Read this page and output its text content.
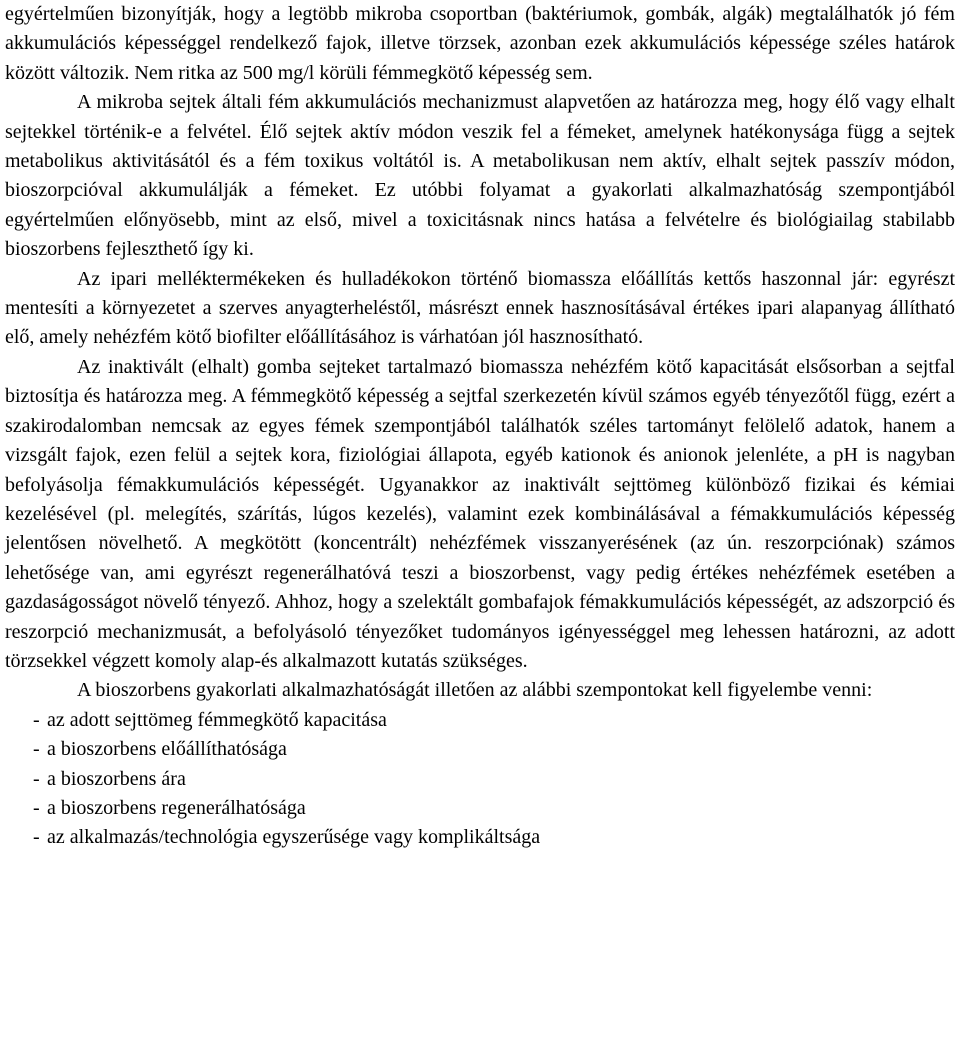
egyértelműen bizonyítják, hogy a legtöbb mikroba csoportban (baktériumok, gombák, algák) megtalálhatók jó fém akkumulációs képességgel rendelkező fajok, illetve törzsek, azonban ezek akkumulációs képessége széles határok között változik. Nem ritka az 500 mg/l körüli fémmegkötő képesség sem.

A mikroba sejtek általi fém akkumulációs mechanizmust alapvetően az határozza meg, hogy élő vagy elhalt sejtekkel történik-e a felvétel. Élő sejtek aktív módon veszik fel a fémeket, amelynek hatékonysága függ a sejtek metabolikus aktivitásától és a fém toxikus voltától is. A metabolikusan nem aktív, elhalt sejtek passzív módon, bioszorpcióval akkumulálják a fémeket. Ez utóbbi folyamat a gyakorlati alkalmazhatóság szempontjából egyértelműen előnyösebb, mint az első, mivel a toxicitásnak nincs hatása a felvételre és biológiailag stabilabb bioszorbens fejleszthető így ki.

Az ipari melléktermékeken és hulladékokon történő biomassza előállítás kettős haszonnal jár: egyrészt mentesíti a környezetet a szerves anyagterheléstől, másrészt ennek hasznosításával értékes ipari alapanyag állítható elő, amely nehézfém kötő biofilter előállításához is várhatóan jól hasznosítható.

Az inaktivált (elhalt) gomba sejteket tartalmazó biomassza nehézfém kötő kapacitását elsősorban a sejtfal biztosítja és határozza meg. A fémmegkötő képesség a sejtfal szerkezetén kívül számos egyéb tényezőtől függ, ezért a szakirodalomban nemcsak az egyes fémek szempontjából találhatók széles tartományt felölelő adatok, hanem a vizsgált fajok, ezen felül a sejtek kora, fiziológiai állapota, egyéb kationok és anionok jelenléte, a pH is nagyban befolyásolja fémakkumulációs képességét. Ugyanakkor az inaktivált sejttömeg különböző fizikai és kémiai kezelésével (pl. melegítés, szárítás, lúgos kezelés), valamint ezek kombinálásával a fémakkumulációs képesség jelentősen növelhető. A megkötött (koncentrált) nehézfémek visszanyerésének (az ún. reszorpciónak) számos lehetősége van, ami egyrészt regenerálhatóvá teszi a bioszorbenst, vagy pedig értékes nehézfémek esetében a gazdaságosságot növelő tényező. Ahhoz, hogy a szelektált gombafajok fémakkumulációs képességét, az adszorpció és reszorpció mechanizmusát, a befolyásoló tényezőket tudományos igényességgel meg lehessen határozni, az adott törzsekkel végzett komoly alap-és alkalmazott kutatás szükséges.

A bioszorbens gyakorlati alkalmazhatóságát illetően az alábbi szempontokat kell figyelembe venni:

- az adott sejttömeg fémmegkötő kapacitása
- a bioszorbens előállíthatósága
- a bioszorbens ára
- a bioszorbens regenerálhatósága
- az alkalmazás/technológia egyszerűsége vagy komplikáltsága
